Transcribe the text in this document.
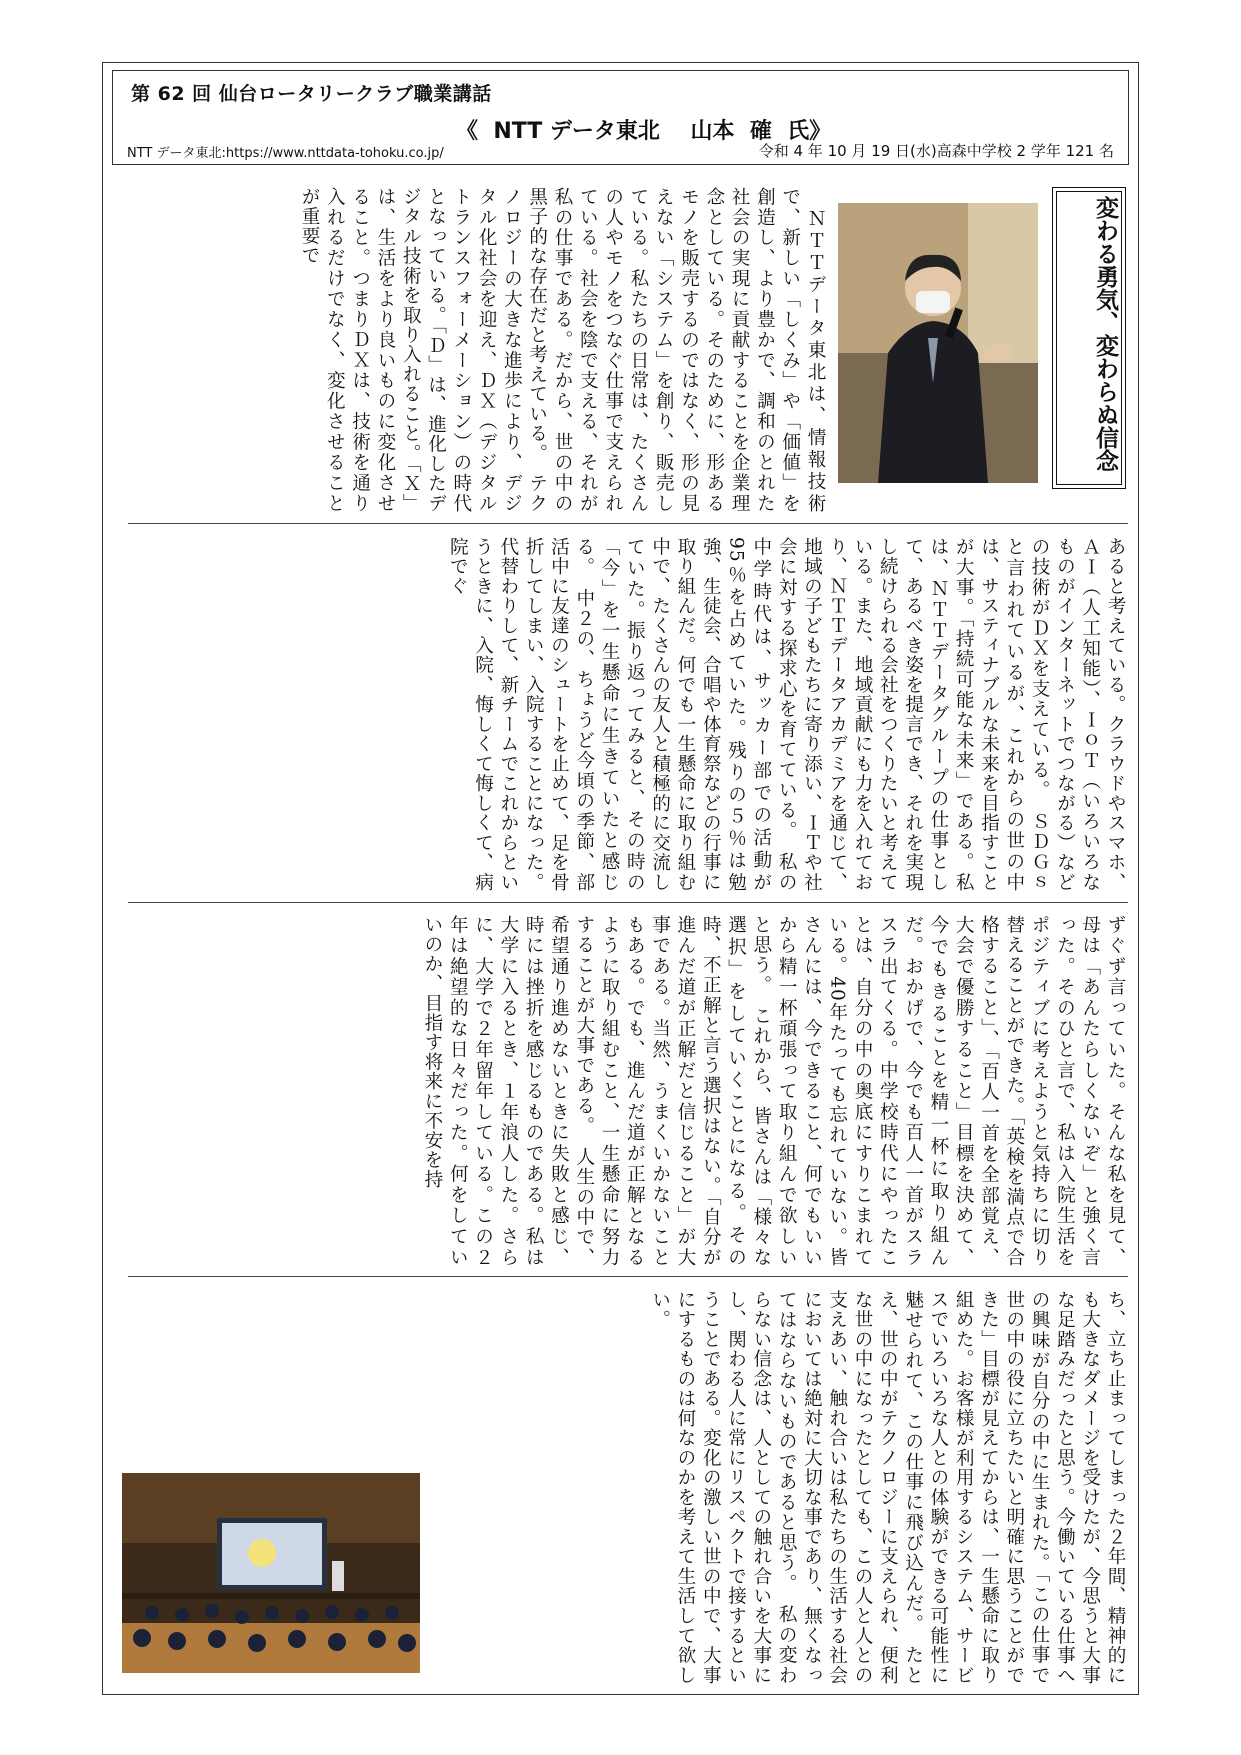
第 62 回 仙台ロータリークラブ職業講話
《  NTT データ東北    山本  確  氏》
NTT データ東北:https://www.nttdata-tohoku.co.jp/	令和 4 年 10 月 19 日(水)高森中学校 2 学年 121 名
　ＮＴＴデータ東北は、情報技術で、新しい「しくみ」や「価値」を創造し、より豊かで、調和のとれた社会の実現に貢献することを企業理念としている。そのために、形あるモノを販売するのではなく、形の見えない「システム」を創り、販売している。私たちの日常は、たくさんの人やモノをつなぐ仕事で支えられている。社会を陰で支える、それが私の仕事である。だから、世の中の黒子的な存在だと考えている。　テクノロジーの大きな進歩により、デジタル化社会を迎え、ＤＸ（デジタルトランスフォーメーション）の時代となっている。「Ｄ」は、進化したデジタル技術を取り入れること。「Ｘ」は、生活をより良いものに変化させること。つまりＤＸは、技術を通り入れるだけでなく、変化させることが重要で	変わる勇気、変わらぬ信念
あると考えている。クラウドやスマホ、ＡＩ（人工知能）、ＩｏＴ（いろいろなものがインターネットでつながる）などの技術がＤＸを支えている。　ＳＤＧｓと言われているが、これからの世の中は、サスティナブルな未来を目指すことが大事。「持続可能な未来」である。私は、ＮＴＴデータグループの仕事として、あるべき姿を提言でき、それを実現し続けられる会社をつくりたいと考えている。また、地域貢献にも力を入れており、ＮＴＴデータアカデミアを通じて、地域の子どもたちに寄り添い、ＩＴや社会に対する探求心を育てている。　私の中学時代は、サッカー部での活動が95％を占めていた。残りの５％は勉強、生徒会、合唱や体育祭などの行事に取り組んだ。何でも一生懸命に取り組む中で、たくさんの友人と積極的に交流していた。振り返ってみると、その時の「今」を一生懸命に生きていたと感じる。　中２の、ちょうど今頃の季節、部活中に友達のシュートを止めて、足を骨折してしまい、入院することになった。代替わりして、新チームでこれからというときに、入院、悔しくて悔しくて、病院でぐ
ずぐず言っていた。そんな私を見て、母は「あんたらしくないぞ」と強く言った。そのひと言で、私は入院生活をポジティブに考えようと気持ちに切り替えることができた。「英検を満点で合格すること」、「百人一首を全部覚え、大会で優勝すること」目標を決めて、今でもきることを精一杯に取り組んだ。おかげで、今でも百人一首がスラスラ出てくる。中学校時代にやったことは、自分の中の奥底にすりこまれている。40年たっても忘れていない。皆さんには、今できること、何でもいいから精一杯頑張って取り組んで欲しいと思う。　これから、皆さんは「様々な選択」をしていくことになる。その時、不正解と言う選択はない。「自分が進んだ道が正解だと信じること」が大事である。当然、うまくいかないこともある。でも、進んだ道が正解となるように取り組むこと、一生懸命に努力することが大事である。　人生の中で、希望通り進めないときに失敗と感じ、時には挫折を感じるものである。私は大学に入るとき、１年浪人した。さらに、大学で２年留年している。この２年は絶望的な日々だった。何をしていいのか、目指す将来に不安を持
ち、立ち止まってしまった２年間、精神的にも大きなダメージを受けたが、今思うと大事な足踏みだったと思う。今働いている仕事への興味が自分の中に生まれた。「この仕事で世の中の役に立ちたいと明確に思うことができた」目標が見えてからは、一生懸命に取り組めた。お客様が利用するシステム、サービスでいろいろな人との体験ができる可能性に魅せられて、この仕事に飛び込んだ。　たとえ、世の中がテクノロジーに支えられ、便利な世の中になったとしても、この人と人との支えあい、触れ合いは私たちの生活する社会においては絶対に大切な事であり、無くなってはならないものであると思う。　私の変わらない信念は、人としての触れ合いを大事にし、関わる人に常にリスペクトで接するということである。変化の激しい世の中で、大事にするものは何なのかを考えて生活して欲しい。
